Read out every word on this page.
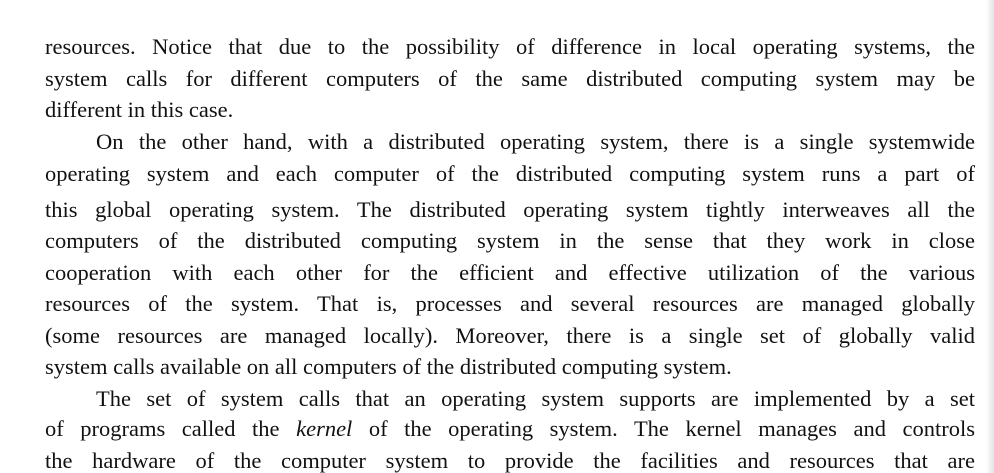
resources. Notice that due to the possibility of difference in local operating systems, the
system calls for different computers of the same distributed computing system may be
different in this case.
On the other hand, with a distributed operating system, there is a single systemwide
operating system and each computer of the distributed computing system runs a part of
this global operating system. The distributed operating system tightly interweaves all the
computers of the distributed computing system in the sense that they work in close
cooperation with each other for the efficient and effective utilization of the various
resources of the system. That is, processes and several resources are managed globally
(some resources are managed locally). Moreover, there is a single set of globally valid
system calls available on all computers of the distributed computing system.
The set of system calls that an operating system supports are implemented by a set
of programs called the kernel of the operating system. The kernel manages and controls
the hardware of the computer system to provide the facilities and resources that are
